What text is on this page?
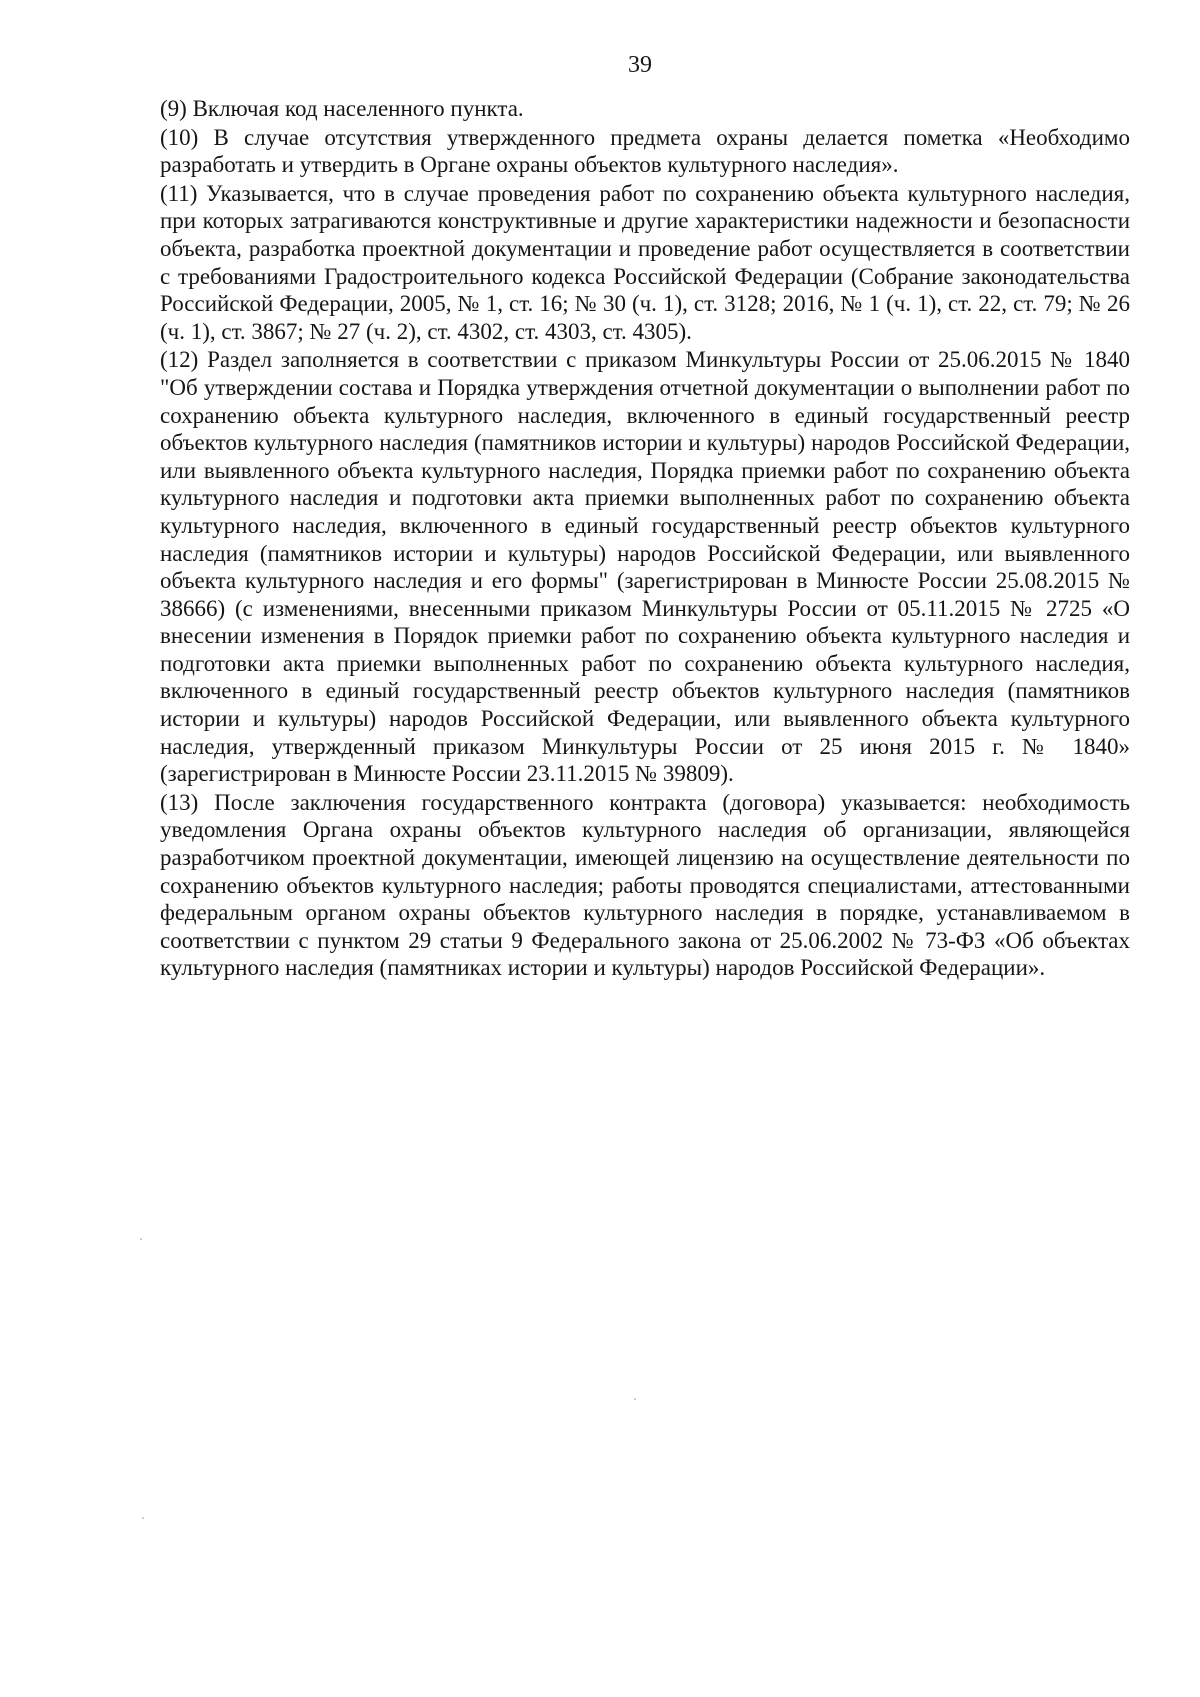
39

(9) Включая код населенного пункта.

(10) В случае отсутствия утвержденного предмета охраны делается пометка «Необходимо разработать и утвердить в Органе охраны объектов культурного наследия».

(11) Указывается, что в случае проведения работ по сохранению объекта культурного наследия, при которых затрагиваются конструктивные и другие характеристики надежности и безопасности объекта, разработка проектной документации и проведение работ осуществляется в соответствии с требованиями Градостроительного кодекса Российской Федерации (Собрание законодательства Российской Федерации, 2005, № 1, ст. 16; № 30 (ч. 1), ст. 3128; 2016, № 1 (ч. 1), ст. 22, ст. 79; № 26 (ч. 1), ст. 3867; № 27 (ч. 2), ст. 4302, ст. 4303, ст. 4305).

(12) Раздел заполняется в соответствии с приказом Минкультуры России от 25.06.2015 № 1840 "Об утверждении состава и Порядка утверждения отчетной документации о выполнении работ по сохранению объекта культурного наследия, включенного в единый государственный реестр объектов культурного наследия (памятников истории и культуры) народов Российской Федерации, или выявленного объекта культурного наследия, Порядка приемки работ по сохранению объекта культурного наследия и подготовки акта приемки выполненных работ по сохранению объекта культурного наследия, включенного в единый государственный реестр объектов культурного наследия (памятников истории и культуры) народов Российской Федерации, или выявленного объекта культурного наследия и его формы" (зарегистрирован в Минюсте России 25.08.2015 № 38666) (с изменениями, внесенными приказом Минкультуры России от 05.11.2015 № 2725 «О внесении изменения в Порядок приемки работ по сохранению объекта культурного наследия и подготовки акта приемки выполненных работ по сохранению объекта культурного наследия, включенного в единый государственный реестр объектов культурного наследия (памятников истории и культуры) народов Российской Федерации, или выявленного объекта культурного наследия, утвержденный приказом Минкультуры России от 25 июня 2015 г. № 1840» (зарегистрирован в Минюсте России 23.11.2015 № 39809).

(13) После заключения государственного контракта (договора) указывается: необходимость уведомления Органа охраны объектов культурного наследия об организации, являющейся разработчиком проектной документации, имеющей лицензию на осуществление деятельности по сохранению объектов культурного наследия; работы проводятся специалистами, аттестованными федеральным органом охраны объектов культурного наследия в порядке, устанавливаемом в соответствии с пунктом 29 статьи 9 Федерального закона от 25.06.2002 № 73-ФЗ «Об объектах культурного наследия (памятниках истории и культуры) народов Российской Федерации».
